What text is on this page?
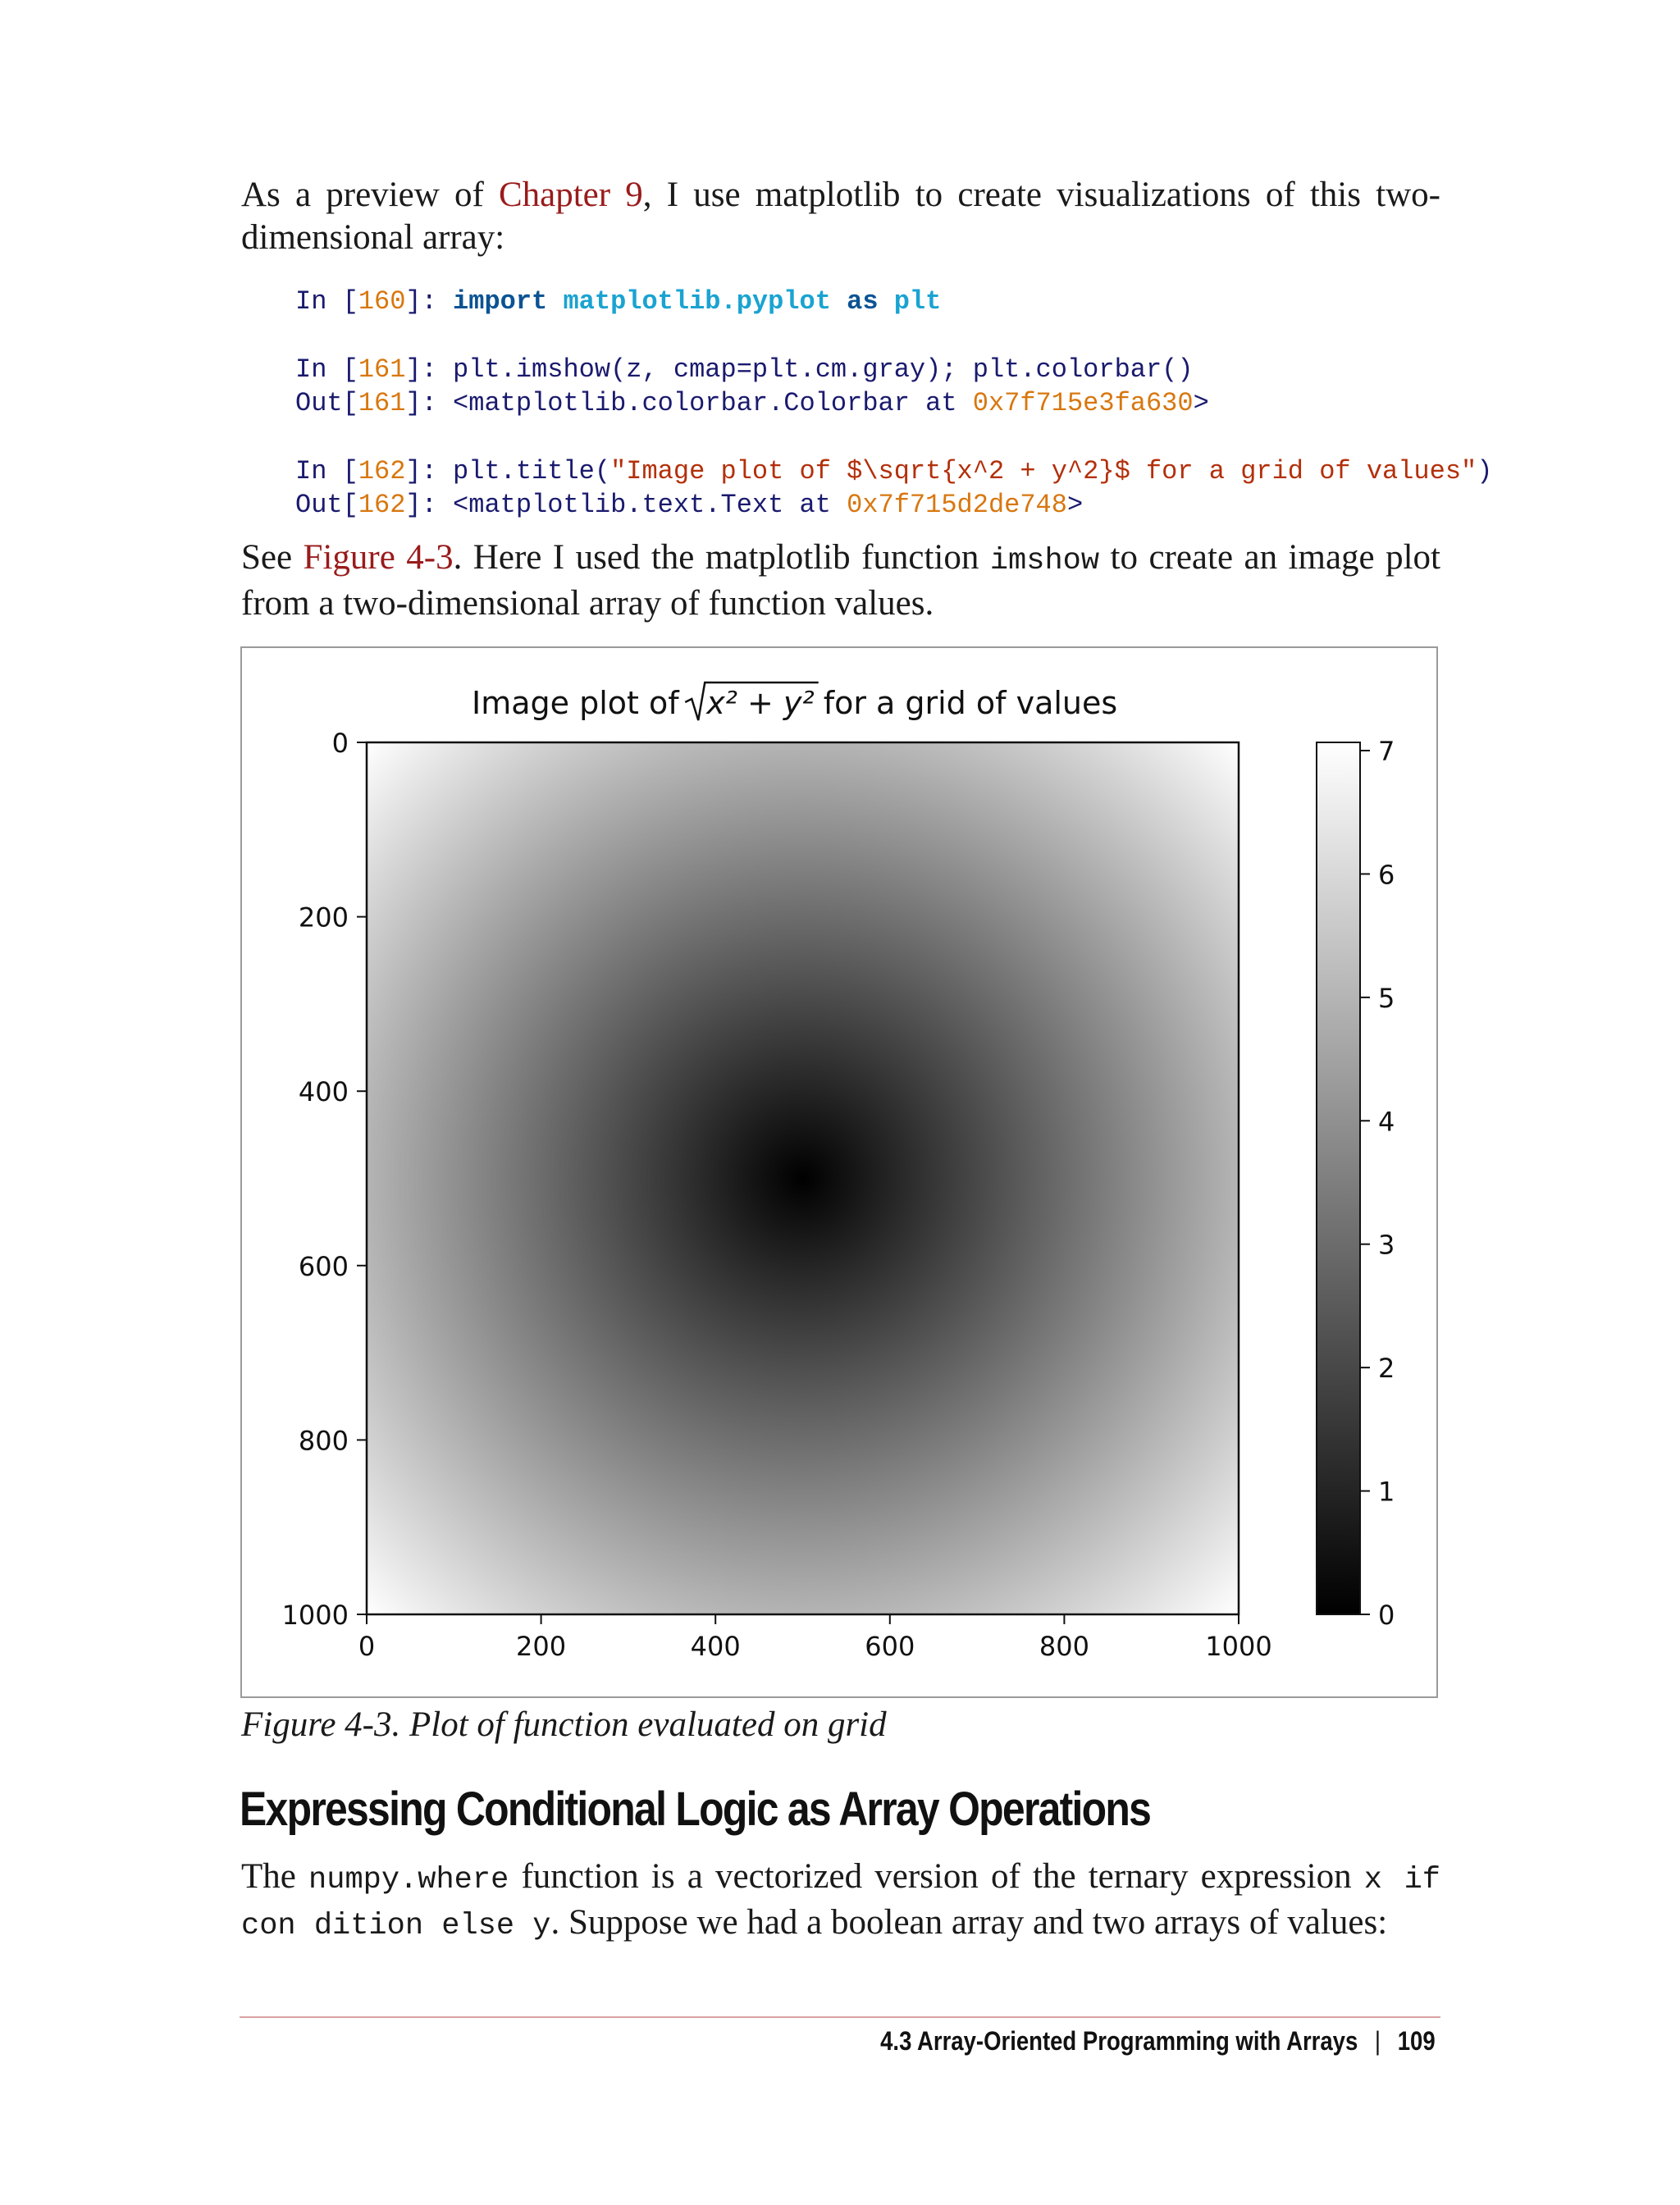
As a preview of Chapter 9, I use matplotlib to create visualizations of this two-dimensional array:
In [160]: import matplotlib.pyplot as plt
In [161]: plt.imshow(z, cmap=plt.cm.gray); plt.colorbar()
Out[161]: <matplotlib.colorbar.Colorbar at 0x7f715e3fa630>
In [162]: plt.title("Image plot of $\sqrt{x^2 + y^2}$ for a grid of values")
Out[162]: <matplotlib.text.Text at 0x7f715d2de748>
See Figure 4-3. Here I used the matplotlib function imshow to create an image plot from a two-dimensional array of function values.
Image plot of x² + y² for a grid of values
0	200	400	600	800	1000
0
200
400
600
800
1000	0
1
2
3
4
5
6
7
Figure 4-3. Plot of function evaluated on grid
Expressing Conditional Logic as Array Operations
The numpy.where function is a vectorized version of the ternary expression x if con dition else y. Suppose we had a boolean array and two arrays of values:
4.3 Array-Oriented Programming with Arrays | 109
